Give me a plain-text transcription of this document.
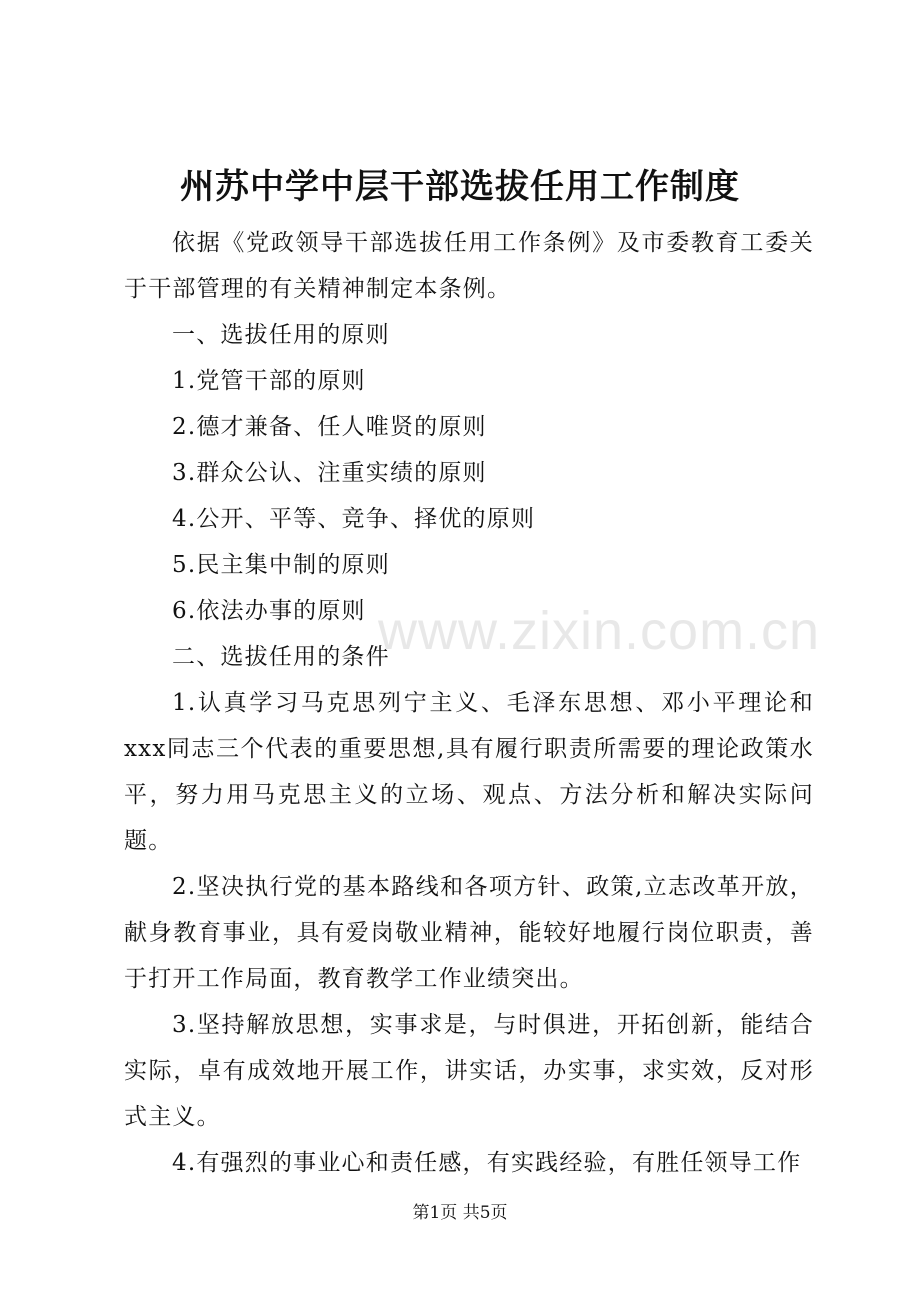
州苏中学中层干部选拔任用工作制度

依据《党政领导干部选拔任用工作条例》及市委教育工委关于干部管理的有关精神制定本条例。

一、选拔任用的原则

1.党管干部的原则

2.德才兼备、任人唯贤的原则

3.群众公认、注重实绩的原则

4.公开、平等、竞争、择优的原则

5.民主集中制的原则

6.依法办事的原则

二、选拔任用的条件

1.认真学习马克思列宁主义、毛泽东思想、邓小平理论和xxx同志三个代表的重要思想,具有履行职责所需要的理论政策水平，努力用马克思主义的立场、观点、方法分析和解决实际问题。

2.坚决执行党的基本路线和各项方针、政策,立志改革开放，献身教育事业，具有爱岗敬业精神，能较好地履行岗位职责，善于打开工作局面，教育教学工作业绩突出。

3.坚持解放思想，实事求是，与时俱进，开拓创新，能结合实际，卓有成效地开展工作，讲实话，办实事，求实效，反对形式主义。

4.有强烈的事业心和责任感，有实践经验，有胜任领导工作

www.zixin.com.cn
第1页 共5页
